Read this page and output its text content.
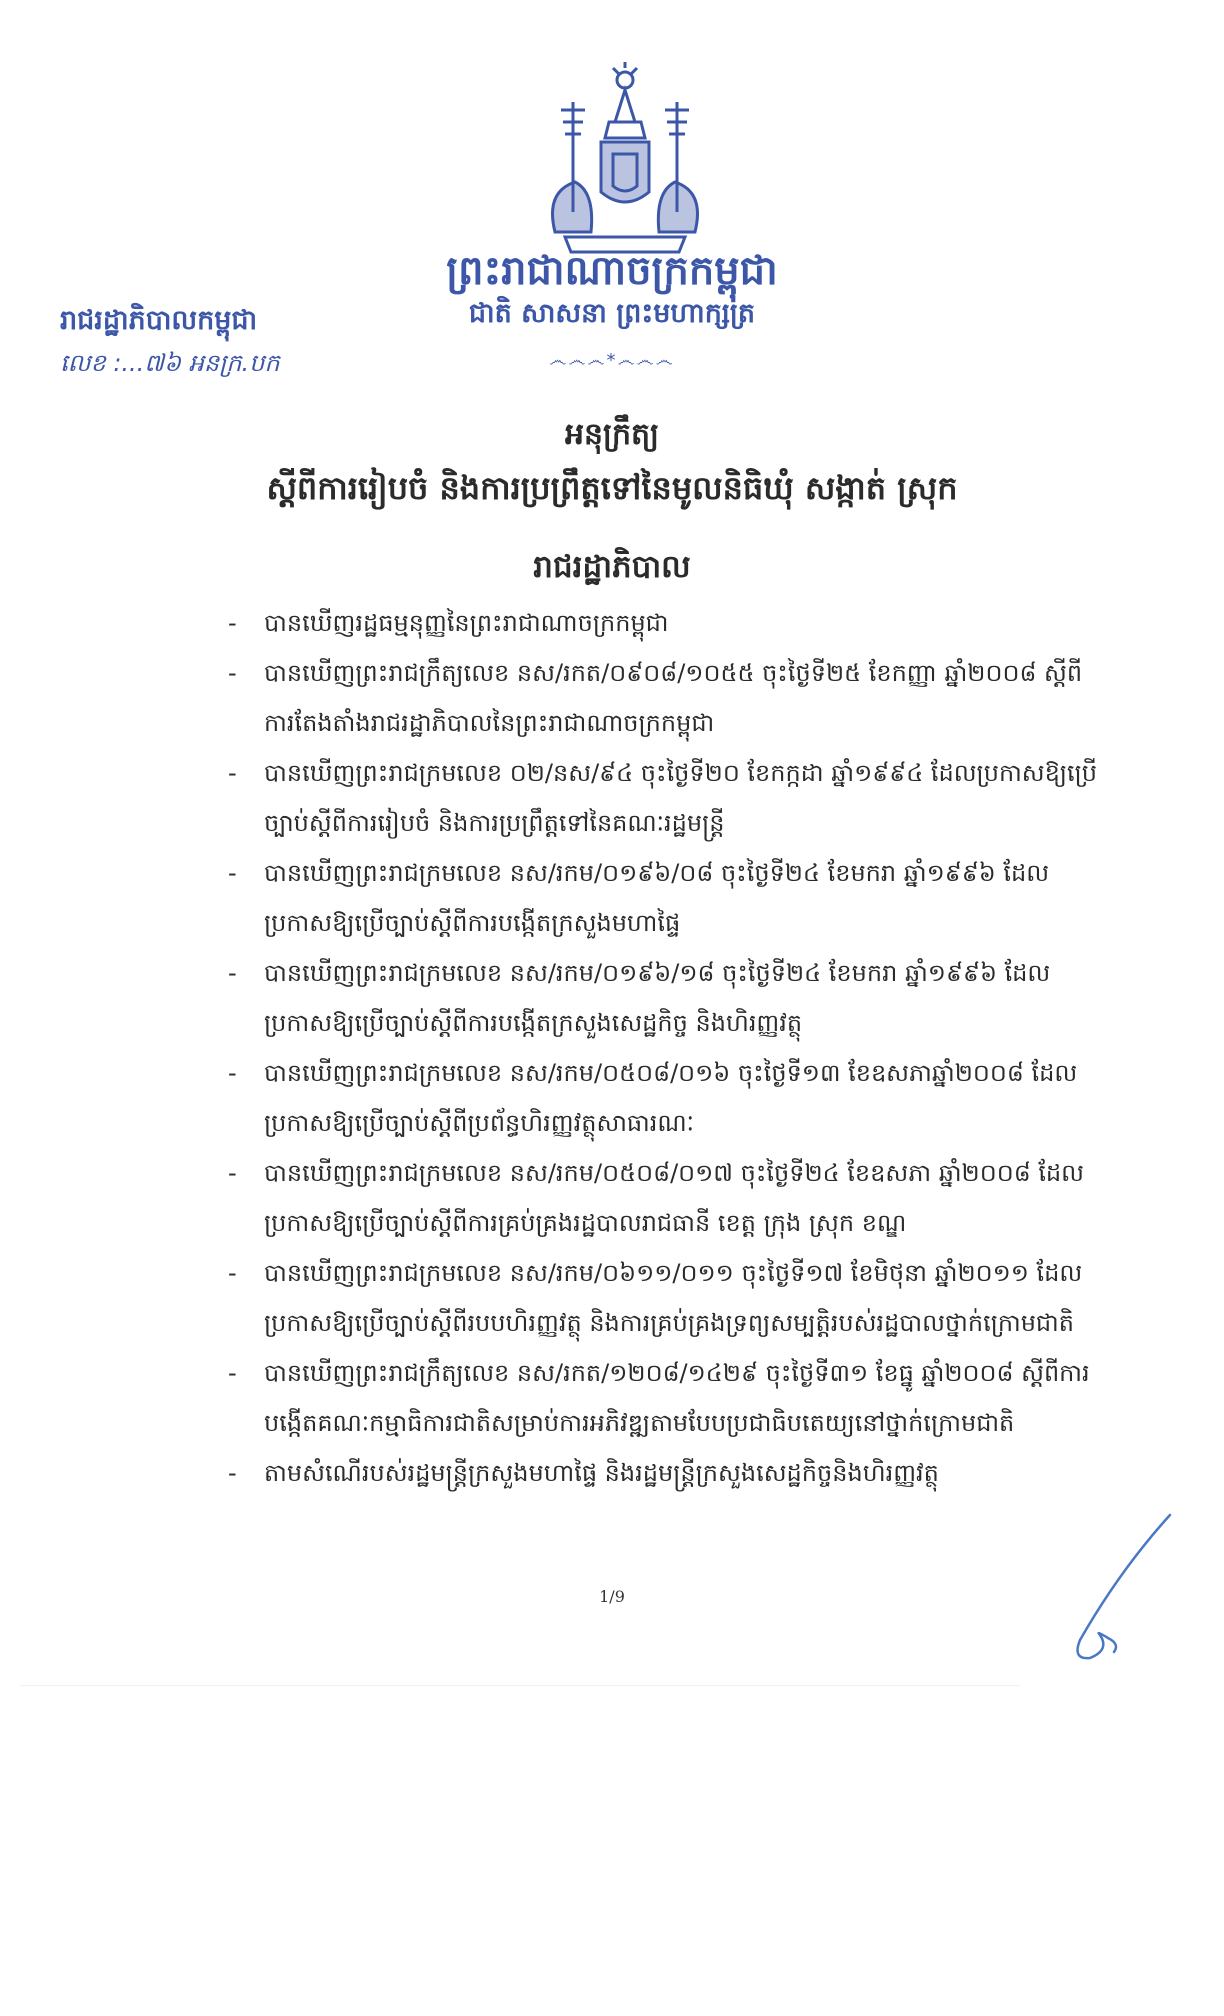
ព្រះរាជាណាចក្រកម្ពុជា
ជាតិ សាសនា ព្រះមហាក្សត្រ
෴෴෴*෴෴෴
រាជរដ្ឋាភិបាលកម្ពុជា
លេខ :...៧៦ អនក្រ.បក
អនុក្រឹត្យ
ស្តីពីការរៀបចំ និងការប្រព្រឹត្តទៅនៃមូលនិធិឃុំ សង្កាត់ ស្រុក
រាជរដ្ឋាភិបាល
-	បានឃើញរដ្ឋធម្មនុញ្ញនៃព្រះរាជាណាចក្រកម្ពុជា
-	បានឃើញព្រះរាជក្រឹត្យលេខ នស/រកត/០៩០៨/១០៥៥ ចុះថ្ងៃទី២៥ ខែកញ្ញា ឆ្នាំ២០០៨ ស្តីពីការតែងតាំងរាជរដ្ឋាភិបាលនៃព្រះរាជាណាចក្រកម្ពុជា
-	បានឃើញព្រះរាជក្រមលេខ ០២/នស/៩៤ ចុះថ្ងៃទី២០ ខែកក្កដា ឆ្នាំ១៩៩៤ ដែលប្រកាសឱ្យប្រើច្បាប់ស្តីពីការរៀបចំ និងការប្រព្រឹត្តទៅនៃគណៈរដ្ឋមន្ត្រី
-	បានឃើញព្រះរាជក្រមលេខ នស/រកម/០១៩៦/០៨ ចុះថ្ងៃទី២៤ ខែមករា ឆ្នាំ១៩៩៦ ដែលប្រកាសឱ្យប្រើច្បាប់ស្តីពីការបង្កើតក្រសួងមហាផ្ទៃ
-	បានឃើញព្រះរាជក្រមលេខ នស/រកម/០១៩៦/១៨ ចុះថ្ងៃទី២៤ ខែមករា ឆ្នាំ១៩៩៦ ដែលប្រកាសឱ្យប្រើច្បាប់ស្តីពីការបង្កើតក្រសួងសេដ្ឋកិច្ច និងហិរញ្ញវត្ថុ
-	បានឃើញព្រះរាជក្រមលេខ នស/រកម/០៥០៨/០១៦ ចុះថ្ងៃទី១៣ ខែឧសភាឆ្នាំ២០០៨ ដែលប្រកាសឱ្យប្រើច្បាប់ស្តីពីប្រព័ន្ធហិរញ្ញវត្ថុសាធារណៈ
-	បានឃើញព្រះរាជក្រមលេខ នស/រកម/០៥០៨/០១៧ ចុះថ្ងៃទី២៤ ខែឧសភា ឆ្នាំ២០០៨ ដែលប្រកាសឱ្យប្រើច្បាប់ស្តីពីការគ្រប់គ្រងរដ្ឋបាលរាជធានី ខេត្ត ក្រុង ស្រុក ខណ្ឌ
-	បានឃើញព្រះរាជក្រមលេខ នស/រកម/០៦១១/០១១ ចុះថ្ងៃទី១៧ ខែមិថុនា ឆ្នាំ២០១១ ដែលប្រកាសឱ្យប្រើច្បាប់ស្តីពីរបបហិរញ្ញវត្ថុ និងការគ្រប់គ្រងទ្រព្យសម្បត្តិរបស់រដ្ឋបាលថ្នាក់ក្រោមជាតិ
-	បានឃើញព្រះរាជក្រឹត្យលេខ នស/រកត/១២០៨/១៤២៩ ចុះថ្ងៃទី៣១ ខែធ្នូ ឆ្នាំ២០០៨ ស្តីពីការបង្កើតគណៈកម្មាធិការជាតិសម្រាប់ការអភិវឌ្ឍតាមបែបប្រជាធិបតេយ្យនៅថ្នាក់ក្រោមជាតិ
-	តាមសំណើរបស់រដ្ឋមន្ត្រីក្រសួងមហាផ្ទៃ និងរដ្ឋមន្ត្រីក្រសួងសេដ្ឋកិច្ចនិងហិរញ្ញវត្ថុ
1/9
